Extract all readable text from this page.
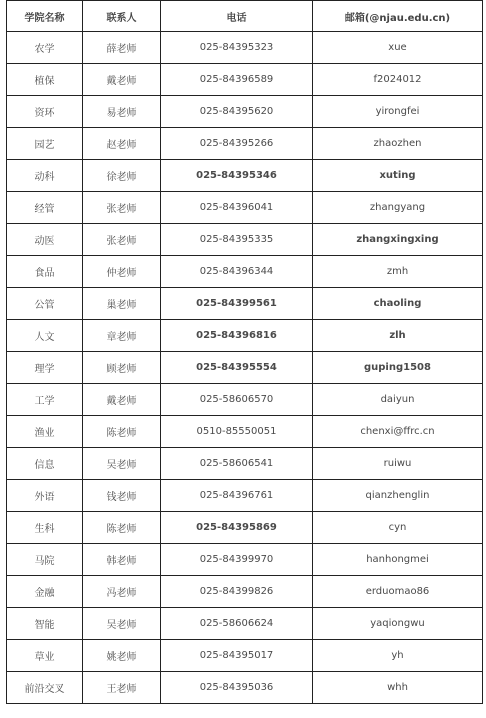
学院名称	联系人	电话	邮箱(@njau.edu.cn)
农学	薛老师	025-84395323	xue
植保	戴老师	025-84396589	f2024012
资环	易老师	025-84395620	yirongfei
园艺	赵老师	025-84395266	zhaozhen
动科	徐老师	025-84395346	xuting
经管	张老师	025-84396041	zhangyang
动医	张老师	025-84395335	zhangxingxing
食品	仲老师	025-84396344	zmh
公管	巢老师	025-84399561	chaoling
人文	章老师	025-84396816	zlh
理学	顾老师	025-84395554	guping1508
工学	戴老师	025-58606570	daiyun
渔业	陈老师	0510-85550051	chenxi@ffrc.cn
信息	吴老师	025-58606541	ruiwu
外语	钱老师	025-84396761	qianzhenglin
生科	陈老师	025-84395869	cyn
马院	韩老师	025-84399970	hanhongmei
金融	冯老师	025-84399826	erduomao86
智能	吴老师	025-58606624	yaqiongwu
草业	姚老师	025-84395017	yh
前沿交叉	王老师	025-84395036	whh
